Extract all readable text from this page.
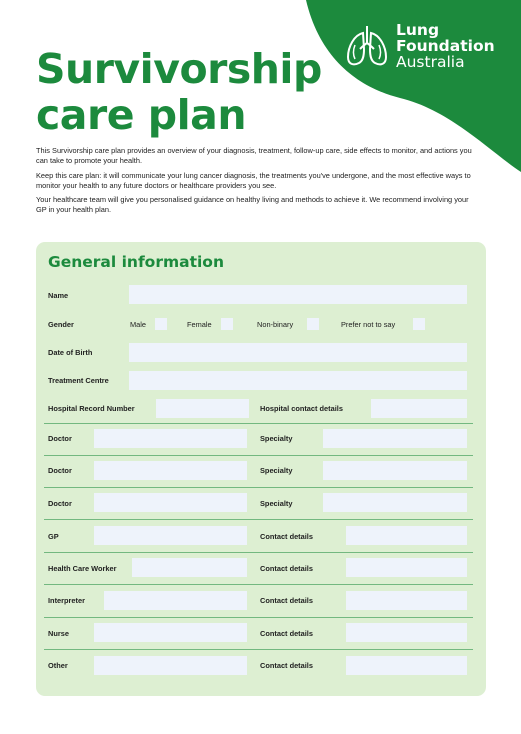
Lung
Foundation
Australia
Survivorship
care plan

This Survivorship care plan provides an overview of your diagnosis, treatment, follow-up care, side effects to monitor, and actions you can take to promote your health.

Keep this care plan: it will communicate your lung cancer diagnosis, the treatments you've undergone, and the most effective ways to monitor your health to any future doctors or healthcare providers you see.

Your healthcare team will give you personalised guidance on healthy living and methods to achieve it. We recommend involving your GP in your health plan.

General information
Name
Gender	Male	Female	Non-binary	Prefer not to say
Date of Birth
Treatment Centre
Hospital Record Number	Hospital contact details
Doctor	Specialty
Doctor	Specialty
Doctor	Specialty
GP	Contact details
Health Care Worker	Contact details
Interpreter	Contact details
Nurse	Contact details
Other	Contact details
